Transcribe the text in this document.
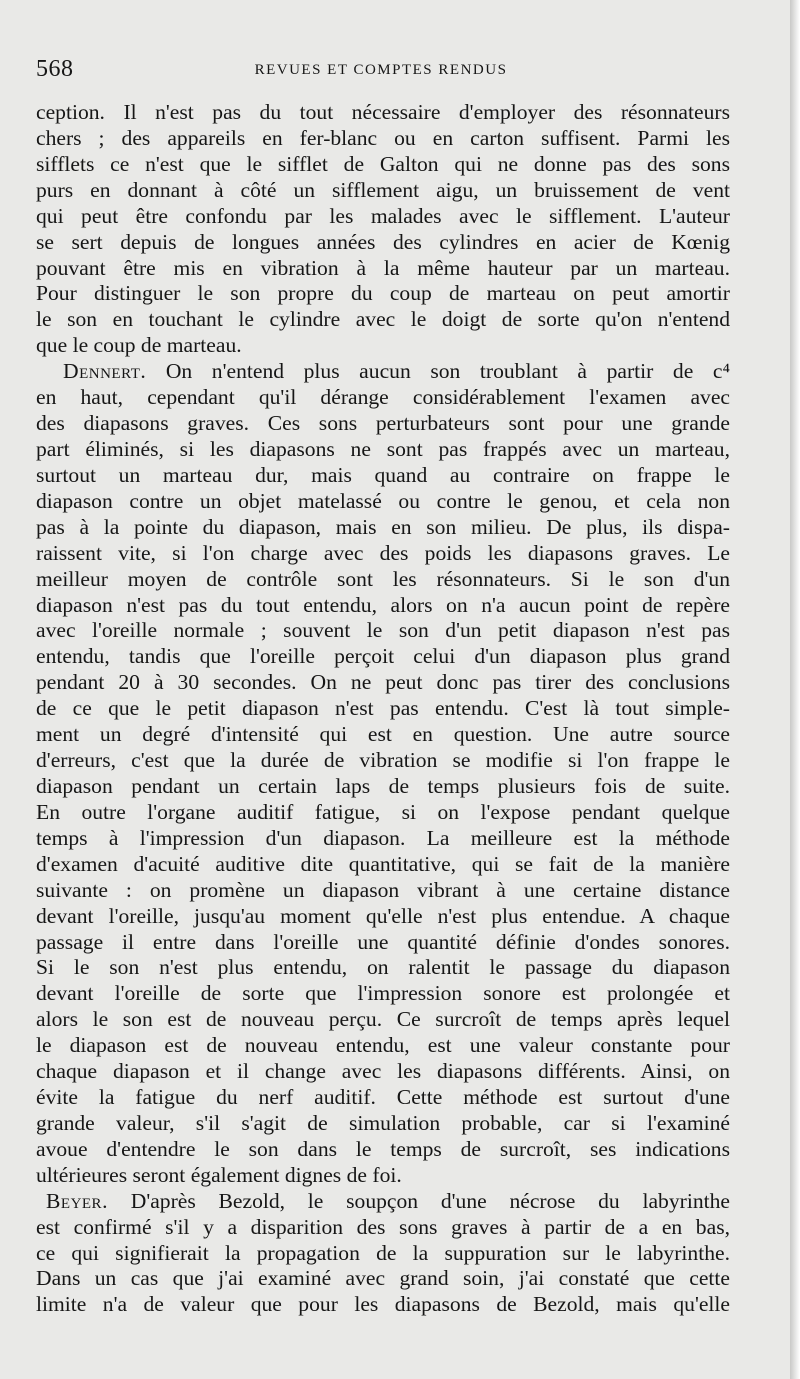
568	REVUES ET COMPTES RENDUS
ception. Il n'est pas du tout nécessaire d'employer des résonnateurs
chers ; des appareils en fer-blanc ou en carton suffisent. Parmi les
sifflets ce n'est que le sifflet de Galton qui ne donne pas des sons
purs en donnant à côté un sifflement aigu, un bruissement de vent
qui peut être confondu par les malades avec le sifflement. L'auteur
se sert depuis de longues années des cylindres en acier de Kœnig
pouvant être mis en vibration à la même hauteur par un marteau.
Pour distinguer le son propre du coup de marteau on peut amortir
le son en touchant le cylindre avec le doigt de sorte qu'on n'entend
que le coup de marteau.
Dennert. On n'entend plus aucun son troublant à partir de c⁴
en haut, cependant qu'il dérange considérablement l'examen avec
des diapasons graves. Ces sons perturbateurs sont pour une grande
part éliminés, si les diapasons ne sont pas frappés avec un marteau,
surtout un marteau dur, mais quand au contraire on frappe le
diapason contre un objet matelassé ou contre le genou, et cela non
pas à la pointe du diapason, mais en son milieu. De plus, ils dispa-
raissent vite, si l'on charge avec des poids les diapasons graves. Le
meilleur moyen de contrôle sont les résonnateurs. Si le son d'un
diapason n'est pas du tout entendu, alors on n'a aucun point de repère
avec l'oreille normale ; souvent le son d'un petit diapason n'est pas
entendu, tandis que l'oreille perçoit celui d'un diapason plus grand
pendant 20 à 30 secondes. On ne peut donc pas tirer des conclusions
de ce que le petit diapason n'est pas entendu. C'est là tout simple-
ment un degré d'intensité qui est en question. Une autre source
d'erreurs, c'est que la durée de vibration se modifie si l'on frappe le
diapason pendant un certain laps de temps plusieurs fois de suite.
En outre l'organe auditif fatigue, si on l'expose pendant quelque
temps à l'impression d'un diapason. La meilleure est la méthode
d'examen d'acuité auditive dite quantitative, qui se fait de la manière
suivante : on promène un diapason vibrant à une certaine distance
devant l'oreille, jusqu'au moment qu'elle n'est plus entendue. A chaque
passage il entre dans l'oreille une quantité définie d'ondes sonores.
Si le son n'est plus entendu, on ralentit le passage du diapason
devant l'oreille de sorte que l'impression sonore est prolongée et
alors le son est de nouveau perçu. Ce surcroît de temps après lequel
le diapason est de nouveau entendu, est une valeur constante pour
chaque diapason et il change avec les diapasons différents. Ainsi, on
évite la fatigue du nerf auditif. Cette méthode est surtout d'une
grande valeur, s'il s'agit de simulation probable, car si l'examiné
avoue d'entendre le son dans le temps de surcroît, ses indications
ultérieures seront également dignes de foi.
Beyer. D'après Bezold, le soupçon d'une nécrose du labyrinthe
est confirmé s'il y a disparition des sons graves à partir de a en bas,
ce qui signifierait la propagation de la suppuration sur le labyrinthe.
Dans un cas que j'ai examiné avec grand soin, j'ai constaté que cette
limite n'a de valeur que pour les diapasons de Bezold, mais qu'elle
